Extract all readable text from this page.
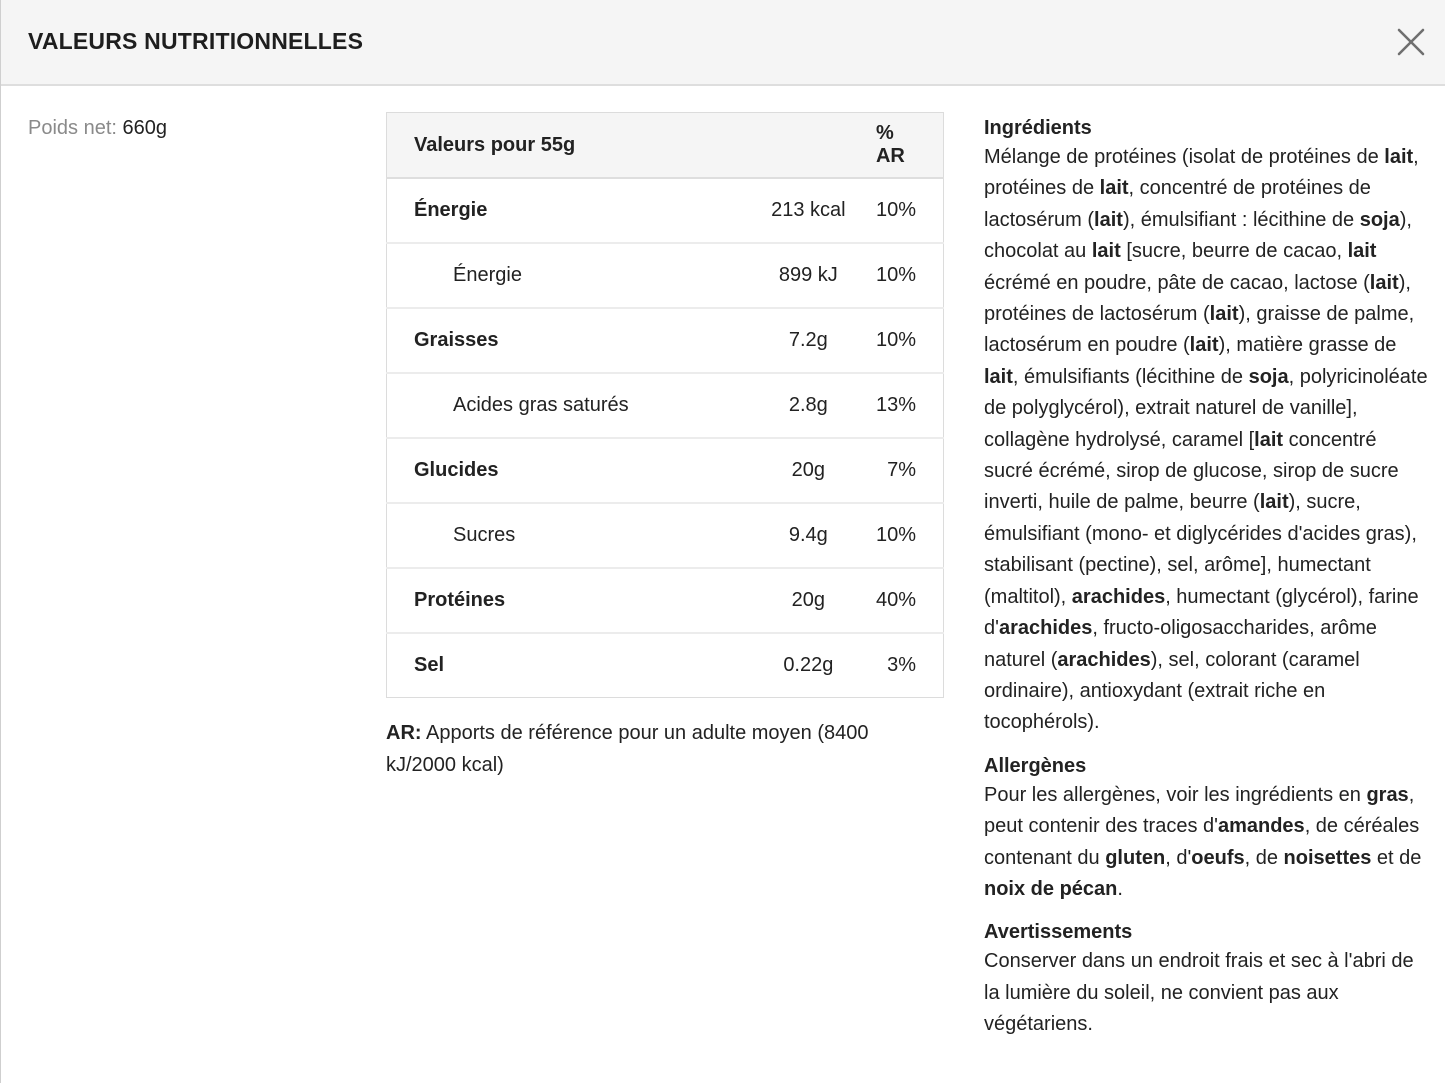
VALEURS NUTRITIONNELLES
Poids net: 660g
Valeurs pour 55g		% AR
Énergie	213 kcal	10%
Énergie	899 kJ	10%
Graisses	7.2g	10%
Acides gras saturés	2.8g	13%
Glucides	20g	7%
Sucres	9.4g	10%
Protéines	20g	40%
Sel	0.22g	3%

AR: Apports de référence pour un adulte moyen (8400 kJ/2000 kcal)

Ingrédients

Mélange de protéines (isolat de protéines de lait, protéines de lait, concentré de protéines de lactosérum (lait), émulsifiant : lécithine de soja), chocolat au lait [sucre, beurre de cacao, lait écrémé en poudre, pâte de cacao, lactose (lait), protéines de lactosérum (lait), graisse de palme, lactosérum en poudre (lait), matière grasse de lait, émulsifiants (lécithine de soja, polyricinoléate de polyglycérol), extrait naturel de vanille], collagène hydrolysé, caramel [lait concentré sucré écrémé, sirop de glucose, sirop de sucre inverti, huile de palme, beurre (lait), sucre, émulsifiant (mono- et diglycérides d'acides gras), stabilisant (pectine), sel, arôme], humectant (maltitol), arachides, humectant (glycérol), farine d'arachides, fructo-oligosaccharides, arôme naturel (arachides), sel, colorant (caramel ordinaire), antioxydant (extrait riche en tocophérols).

Allergènes

Pour les allergènes, voir les ingrédients en gras, peut contenir des traces d'amandes, de céréales contenant du gluten, d'oeufs, de noisettes et de noix de pécan.

Avertissements

Conserver dans un endroit frais et sec à l'abri de la lumière du soleil, ne convient pas aux végétariens.
